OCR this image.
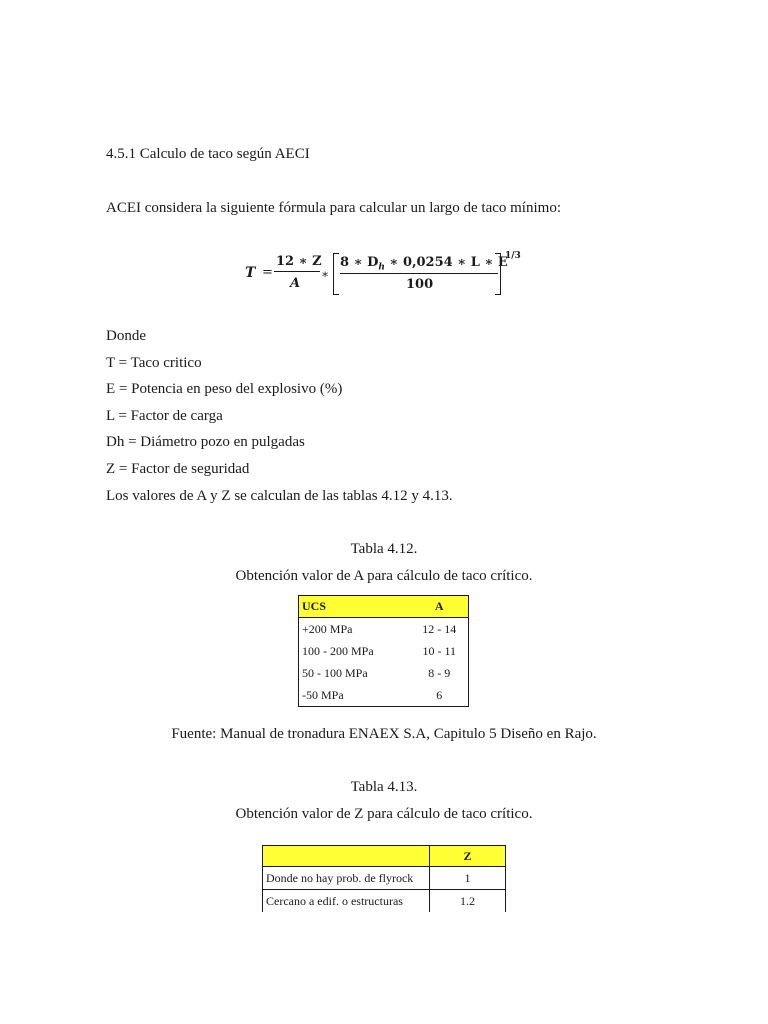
4.5.1 Calculo de taco según AECI
ACEI considera la siguiente fórmula para calcular un largo de taco mínimo:
T =
12 ∗ Z
A
∗
8 ∗ $D_h$ ∗ 0,0254 ∗ L ∗ E
100
1/3
Donde
T = Taco critico
E = Potencia en peso del explosivo (%)
L = Factor de carga
Dh = Diámetro pozo en pulgadas
Z = Factor de seguridad
Los valores de A y Z se calculan de las tablas 4.12 y 4.13.
Tabla 4.12.
Obtención valor de A para cálculo de taco crítico.
UCS	A
+200 MPa	12 - 14
100 - 200 MPa	10 - 11
50 - 100 MPa	8 - 9
-50 MPa	6
Fuente: Manual de tronadura ENAEX S.A, Capitulo 5 Diseño en Rajo.
Tabla 4.13.
Obtención valor de Z para cálculo de taco crítico.
	Z
Donde no hay prob. de flyrock	1
Cercano a edif. o estructuras	1.2
